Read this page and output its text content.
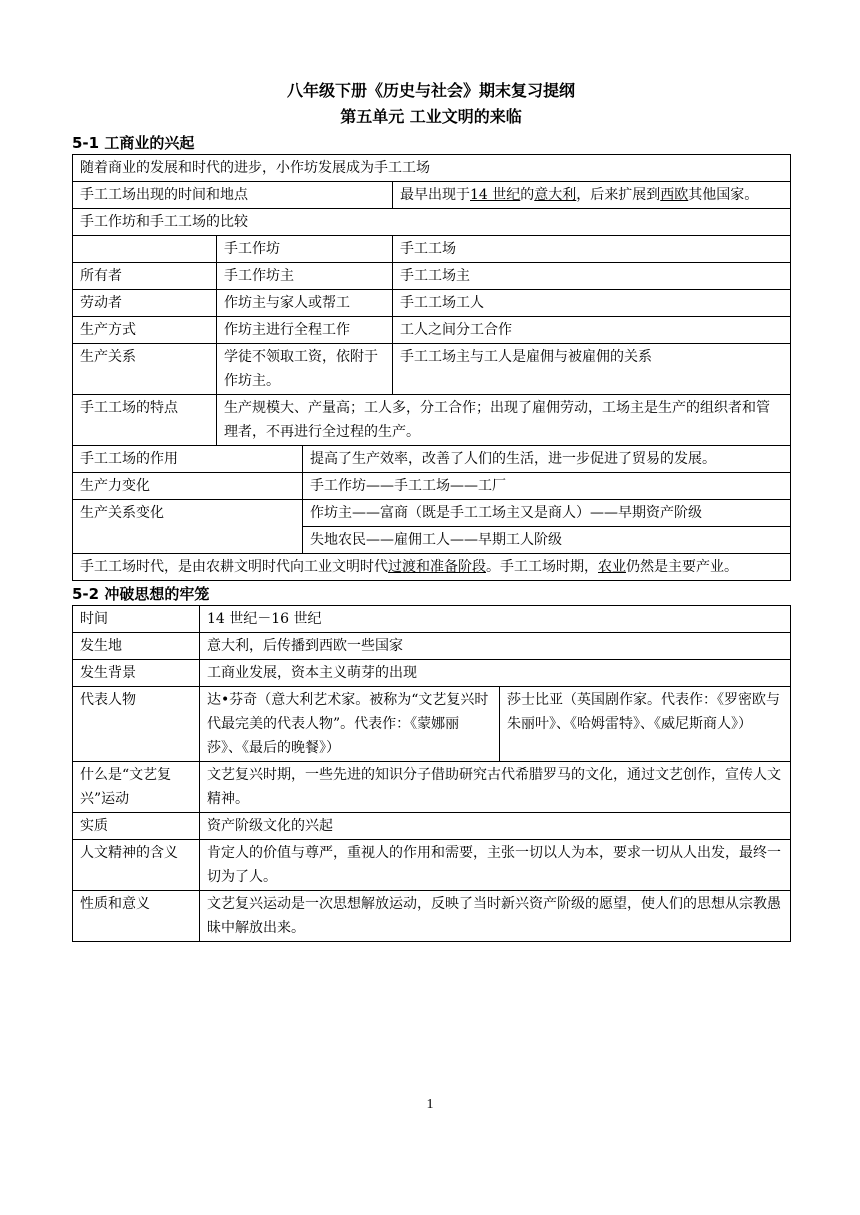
八年级下册《历史与社会》期末复习提纲
第五单元 工业文明的来临
5-1 工商业的兴起
随着商业的发展和时代的进步，小作坊发展成为手工工场			
手工工场出现的时间和地点			最早出现于14 世纪的意大利，后来扩展到西欧其他国家。
手工作坊和手工工场的比较			
	手工作坊		手工工场
所有者	手工作坊主		手工工场主
劳动者	作坊主与家人或帮工		手工工场工人
生产方式	作坊主进行全程工作		工人之间分工合作
生产关系	学徒不领取工资，依附于作坊主。		手工工场主与工人是雇佣与被雇佣的关系
手工工场的特点	生产规模大、产量高；工人多，分工合作；出现了雇佣劳动，工场主是生产的组织者和管理者，不再进行全过程的生产。		
手工工场的作用		提高了生产效率，改善了人们的生活，进一步促进了贸易的发展。	
生产力变化		手工作坊——手工工场——工厂	
生产关系变化		作坊主——富商（既是手工工场主又是商人）——早期资产阶级	
		失地农民——雇佣工人——早期工人阶级	
手工工场时代，是由农耕文明时代向工业文明时代过渡和准备阶段。手工工场时期，农业仍然是主要产业。			
5-2 冲破思想的牢笼
时间	14 世纪－16 世纪	
发生地	意大利，后传播到西欧一些国家	
发生背景	工商业发展，资本主义萌芽的出现	
代表人物	达•芬奇（意大利艺术家。被称为“文艺复兴时代最完美的代表人物”。代表作：《蒙娜丽莎》、《最后的晚餐》）	莎士比亚（英国剧作家。代表作：《罗密欧与朱丽叶》、《哈姆雷特》、《威尼斯商人》）
什么是“文艺复兴”运动	文艺复兴时期，一些先进的知识分子借助研究古代希腊罗马的文化，通过文艺创作，宣传人文精神。	
实质	资产阶级文化的兴起	
人文精神的含义	肯定人的价值与尊严，重视人的作用和需要，主张一切以人为本，要求一切从人出发，最终一切为了人。	
性质和意义	文艺复兴运动是一次思想解放运动，反映了当时新兴资产阶级的愿望，使人们的思想从宗教愚昧中解放出来。	
1
